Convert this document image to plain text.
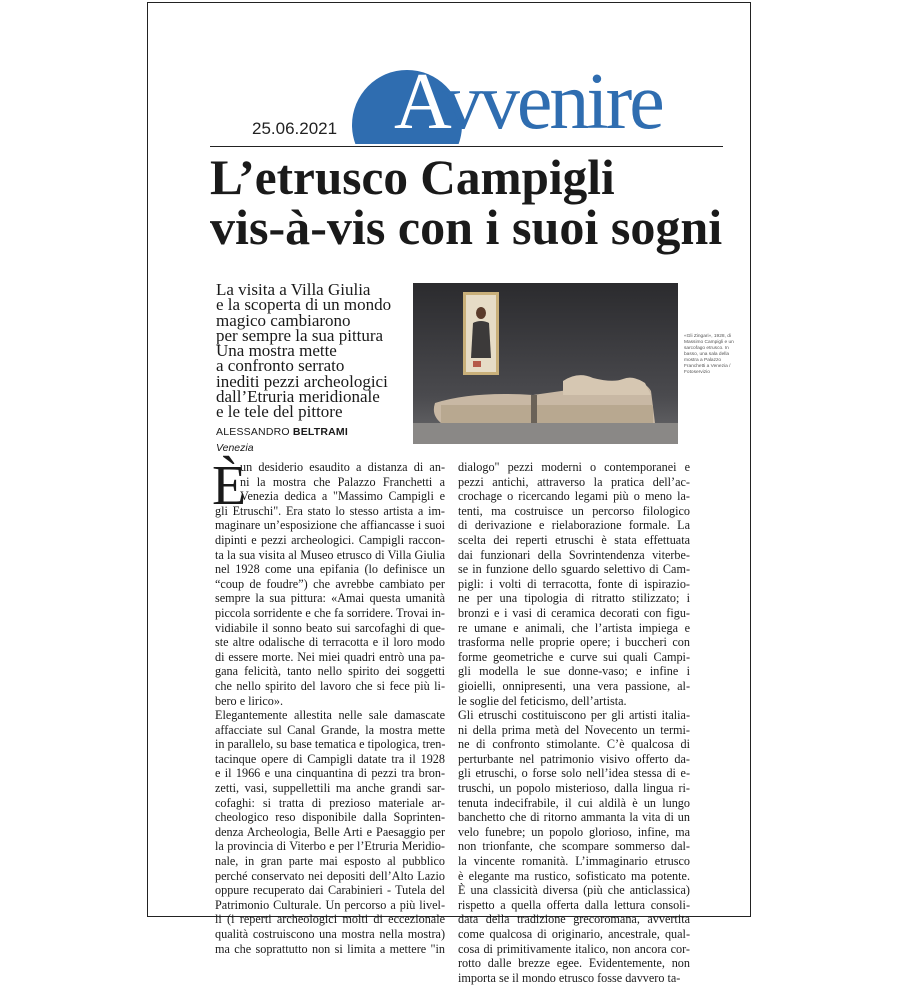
25.06.2021 Avvenire
L’etrusco Campigli
vis-à-vis con i suoi sogni
La visita a Villa Giulia
e la scoperta di un mondo
magico cambiarono
per sempre la sua pittura
Una mostra mette
a confronto serrato
inediti pezzi archeologici
dall’Etruria meridionale
e le tele del pittore
ALESSANDRO BELTRAMI
Venezia
«Gli Zingari», 1928, di Massimo Campigli e un sarcofago etrusco. In basso, una sala della mostra a Palazzo Franchetti a Venezia / Fotoservizio
È
un desiderio esaudito a distanza di an-
ni la mostra che Palazzo Franchetti a
Venezia dedica a "Massimo Campigli e
gli Etruschi". Era stato lo stesso artista a im-
maginare un’esposizione che affiancasse i suoi
dipinti e pezzi archeologici. Campigli raccon-
ta la sua visita al Museo etrusco di Villa Giulia
nel 1928 come una epifania (lo definisce un
“coup de foudre”) che avrebbe cambiato per
sempre la sua pittura: «Amai questa umanità
piccola sorridente e che fa sorridere. Trovai in-
vidiabile il sonno beato sui sarcofaghi di que-
ste altre odalische di terracotta e il loro modo
di essere morte. Nei miei quadri entrò una pa-
gana felicità, tanto nello spirito dei soggetti
che nello spirito del lavoro che si fece più li-
bero e lirico».
Elegantemente allestita nelle sale damascate
affacciate sul Canal Grande, la mostra mette
in parallelo, su base tematica e tipologica, tren-
tacinque opere di Campigli datate tra il 1928
e il 1966 e una cinquantina di pezzi tra bron-
zetti, vasi, suppellettili ma anche grandi sar-
cofaghi: si tratta di prezioso materiale ar-
cheologico reso disponibile dalla Soprinten-
denza Archeologia, Belle Arti e Paesaggio per
la provincia di Viterbo e per l’Etruria Meridio-
nale, in gran parte mai esposto al pubblico
perché conservato nei depositi dell’Alto Lazio
oppure recuperato dai Carabinieri - Tutela del
Patrimonio Culturale. Un percorso a più livel-
li (i reperti archeologici molti di eccezionale
qualità costruiscono una mostra nella mostra)
ma che soprattutto non si limita a mettere "in
dialogo" pezzi moderni o contemporanei e
pezzi antichi, attraverso la pratica dell’ac-
crochage o ricercando legami più o meno la-
tenti, ma costruisce un percorso filologico
di derivazione e rielaborazione formale. La
scelta dei reperti etruschi è stata effettuata
dai funzionari della Sovrintendenza viterbe-
se in funzione dello sguardo selettivo di Cam-
pigli: i volti di terracotta, fonte di ispirazio-
ne per una tipologia di ritratto stilizzato; i
bronzi e i vasi di ceramica decorati con figu-
re umane e animali, che l’artista impiega e
trasforma nelle proprie opere; i buccheri con
forme geometriche e curve sui quali Campi-
gli modella le sue donne-vaso; e infine i
gioielli, onnipresenti, una vera passione, al-
le soglie del feticismo, dell’artista.
Gli etruschi costituiscono per gli artisti italia-
ni della prima metà del Novecento un termi-
ne di confronto stimolante. C’è qualcosa di
perturbante nel patrimonio visivo offerto da-
gli etruschi, o forse solo nell’idea stessa di e-
truschi, un popolo misterioso, dalla lingua ri-
tenuta indecifrabile, il cui aldilà è un lungo
banchetto che di ritorno ammanta la vita di un
velo funebre; un popolo glorioso, infine, ma
non trionfante, che scompare sommerso dal-
la vincente romanità. L’immaginario etrusco
è elegante ma rustico, sofisticato ma potente.
È una classicità diversa (più che anticlassica)
rispetto a quella offerta dalla lettura consoli-
data della tradizione grecoromana, avvertita
come qualcosa di originario, ancestrale, qual-
cosa di primitivamente italico, non ancora cor-
rotto dalle brezze egee. Evidentemente, non
importa se il mondo etrusco fosse davvero ta-
